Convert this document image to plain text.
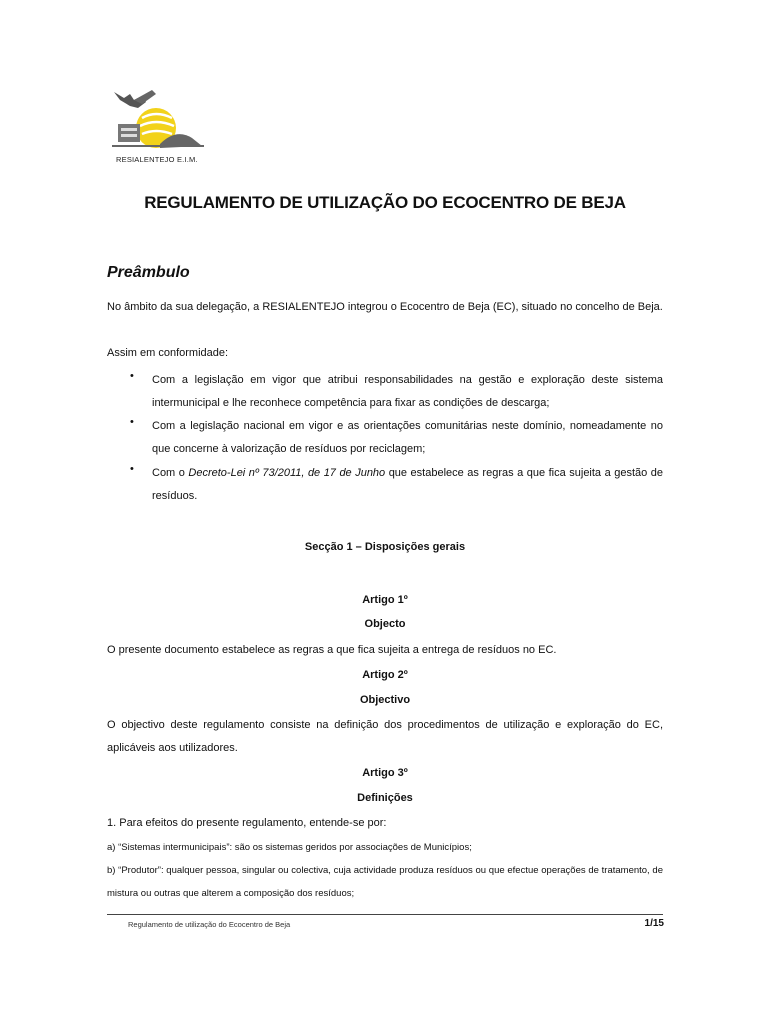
RESIALENTEJO E.I.M.
REGULAMENTO DE UTILIZAÇÃO DO ECOCENTRO DE BEJA
Preâmbulo
No âmbito da sua delegação, a RESIALENTEJO integrou o Ecocentro de Beja (EC), situado no concelho de Beja.
Assim em conformidade:
• Com a legislação em vigor que atribui responsabilidades na gestão e exploração deste sistema intermunicipal e lhe reconhece competência para fixar as condições de descarga;
• Com a legislação nacional em vigor e as orientações comunitárias neste domínio, nomeadamente no que concerne à valorização de resíduos por reciclagem;
• Com o Decreto-Lei nº 73/2011, de 17 de Junho que estabelece as regras a que fica sujeita a gestão de resíduos.
Secção 1 – Disposições gerais
Artigo 1º
Objecto
O presente documento estabelece as regras a que fica sujeita a entrega de resíduos no EC.
Artigo 2º
Objectivo
O objectivo deste regulamento consiste na definição dos procedimentos de utilização e exploração do EC, aplicáveis aos utilizadores.
Artigo 3º
Definições
1. Para efeitos do presente regulamento, entende-se por:
a) “Sistemas intermunicipais”: são os sistemas geridos por associações de Municípios;
b) “Produtor”: qualquer pessoa, singular ou colectiva, cuja actividade produza resíduos ou que efectue operações de tratamento, de mistura ou outras que alterem a composição dos resíduos;
Regulamento de utilização do Ecocentro de Beja	1/15
